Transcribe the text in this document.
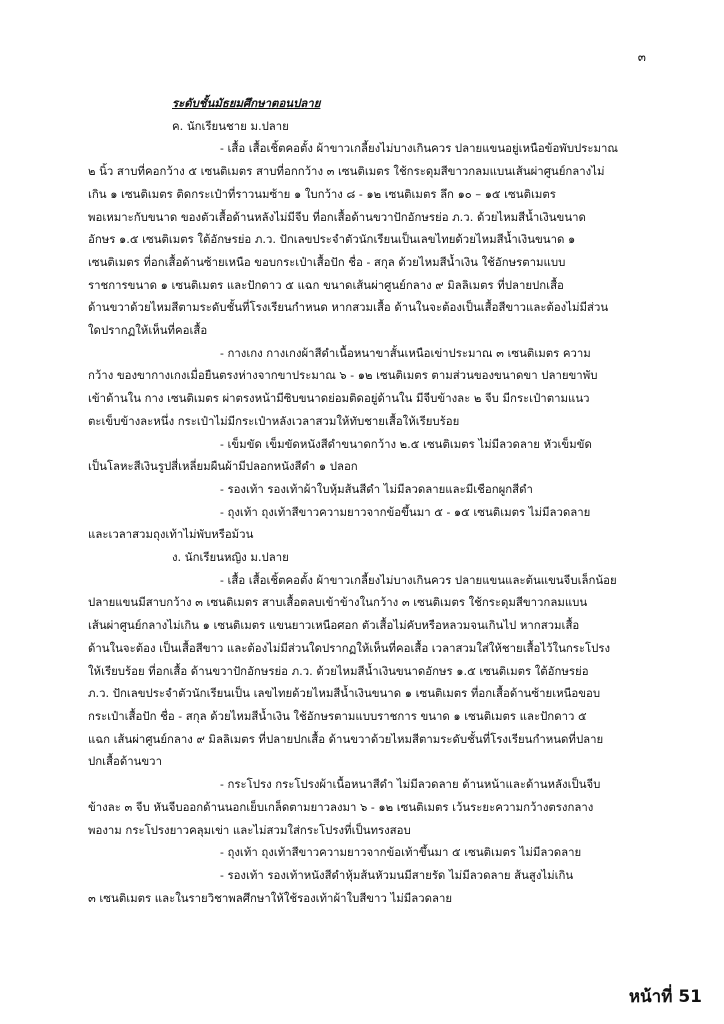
๓
ระดับชั้นมัธยมศึกษาตอนปลาย
ค. นักเรียนชาย ม.ปลาย
- เสื้อ เสื้อเชิ้ตคอตั้ง ผ้าขาวเกลี้ยงไม่บางเกินควร ปลายแขนอยู่เหนือข้อพับประมาณ
๒ นิ้ว สาบที่คอกว้าง ๕ เซนติเมตร สาบที่อกกว้าง ๓ เซนติเมตร ใช้กระดุมสีขาวกลมแบนเส้นผ่าศูนย์กลางไม่
เกิน ๑ เซนติเมตร ติดกระเป๋าที่ราวนมซ้าย ๑ ใบกว้าง ๘ - ๑๒ เซนติเมตร ลึก ๑๐ – ๑๕ เซนติเมตร
พอเหมาะกับขนาด ของตัวเสื้อด้านหลังไม่มีจีบ ที่อกเสื้อด้านขวาปักอักษรย่อ ภ.ว. ด้วยไหมสีน้ำเงินขนาด
อักษร ๑.๕ เซนติเมตร ใต้อักษรย่อ ภ.ว. ปักเลขประจำตัวนักเรียนเป็นเลขไทยด้วยไหมสีน้ำเงินขนาด ๑
เซนติเมตร ที่อกเสื้อด้านซ้ายเหนือ ขอบกระเป๋าเสื้อปัก ชื่อ - สกุล ด้วยไหมสีน้ำเงิน ใช้อักษรตามแบบ
ราชการขนาด ๑ เซนติเมตร และปักดาว ๕ แฉก ขนาดเส้นผ่าศูนย์กลาง ๙ มิลลิเมตร ที่ปลายปกเสื้อ
ด้านขวาด้วยไหมสีตามระดับชั้นที่โรงเรียนกำหนด หากสวมเสื้อ ด้านในจะต้องเป็นเสื้อสีขาวและต้องไม่มีส่วน
ใดปรากฏให้เห็นที่คอเสื้อ
- กางเกง กางเกงผ้าสีดำเนื้อหนาขาสั้นเหนือเข่าประมาณ ๓ เซนติเมตร ความ
กว้าง ของขากางเกงเมื่อยืนตรงห่างจากขาประมาณ ๖ - ๑๒ เซนติเมตร ตามส่วนของขนาดขา ปลายขาพับ
เข้าด้านใน กาง เซนติเมตร ผ่าตรงหน้ามีซิบขนาดย่อมติดอยู่ด้านใน มีจีบข้างละ ๒ จีบ มีกระเป๋าตามแนว
ตะเข็บข้างละหนึ่ง กระเป๋าไม่มีกระเป๋าหลังเวลาสวมให้ทับชายเสื้อให้เรียบร้อย
- เข็มขัด เข็มขัดหนังสีดำขนาดกว้าง ๒.๕ เซนติเมตร ไม่มีลวดลาย หัวเข็มขัด
เป็นโลหะสีเงินรูปสี่เหลี่ยมผืนผ้ามีปลอกหนังสีดำ ๑ ปลอก
- รองเท้า รองเท้าผ้าใบหุ้มส้นสีดำ ไม่มีลวดลายและมีเชือกผูกสีดำ
- ถุงเท้า ถุงเท้าสีขาวความยาวจากข้อขึ้นมา ๕ - ๑๕ เซนติเมตร ไม่มีลวดลาย
และเวลาสวมถุงเท้าไม่พับหรือม้วน
ง. นักเรียนหญิง ม.ปลาย
- เสื้อ เสื้อเชิ้ตคอตั้ง ผ้าขาวเกลี้ยงไม่บางเกินควร ปลายแขนและต้นแขนจีบเล็กน้อย
ปลายแขนมีสาบกว้าง ๓ เซนติเมตร สาบเสื้อตลบเข้าข้างในกว้าง ๓ เซนติเมตร ใช้กระดุมสีขาวกลมแบน
เส้นผ่าศูนย์กลางไม่เกิน ๑ เซนติเมตร แขนยาวเหนือศอก ตัวเสื้อไม่คับหรือหลวมจนเกินไป หากสวมเสื้อ
ด้านในจะต้อง เป็นเสื้อสีขาว และต้องไม่มีส่วนใดปรากฏให้เห็นที่คอเสื้อ เวลาสวมใส่ให้ชายเสื้อไว้ในกระโปรง
ให้เรียบร้อย ที่อกเสื้อ ด้านขวาปักอักษรย่อ ภ.ว. ด้วยไหมสีน้ำเงินขนาดอักษร ๑.๕ เซนติเมตร ใต้อักษรย่อ
ภ.ว. ปักเลขประจำตัวนักเรียนเป็น เลขไทยด้วยไหมสีน้ำเงินขนาด ๑ เซนติเมตร ที่อกเสื้อด้านซ้ายเหนือขอบ
กระเป๋าเสื้อปัก ชื่อ - สกุล ด้วยไหมสีน้ำเงิน ใช้อักษรตามแบบราชการ ขนาด ๑ เซนติเมตร และปักดาว ๕
แฉก เส้นผ่าศูนย์กลาง ๙ มิลลิเมตร ที่ปลายปกเสื้อ ด้านขวาด้วยไหมสีตามระดับชั้นที่โรงเรียนกำหนดที่ปลาย
ปกเสื้อด้านขวา
- กระโปรง กระโปรงผ้าเนื้อหนาสีดำ ไม่มีลวดลาย ด้านหน้าและด้านหลังเป็นจีบ
ข้างละ ๓ จีบ หันจีบออกด้านนอกเย็บเกล็ดตามยาวลงมา ๖ - ๑๒ เซนติเมตร เว้นระยะความกว้างตรงกลาง
พองาม กระโปรงยาวคลุมเข่า และไม่สวมใส่กระโปรงที่เป็นทรงสอบ
- ถุงเท้า ถุงเท้าสีขาวความยาวจากข้อเท้าขึ้นมา ๕ เซนติเมตร ไม่มีลวดลาย
- รองเท้า รองเท้าหนังสีดำหุ้มส้นหัวมนมีสายรัด ไม่มีลวดลาย ส้นสูงไม่เกิน
๓ เซนติเมตร และในรายวิชาพลศึกษาให้ใช้รองเท้าผ้าใบสีขาว ไม่มีลวดลาย
หน้าที่ 51
